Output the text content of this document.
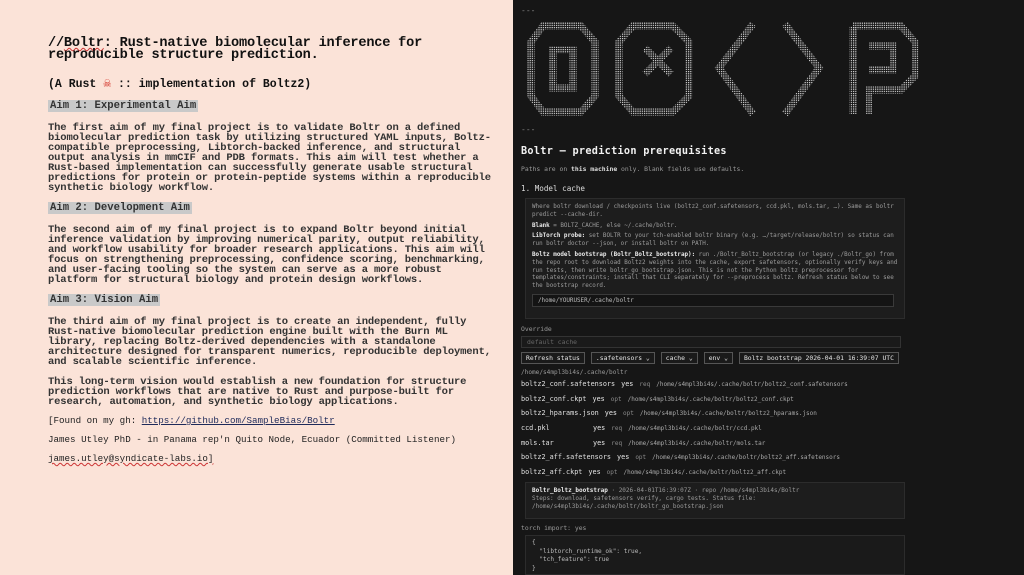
//Boltr: Rust-native biomolecular inference for reproducible structure prediction.
(A Rust ☠ :: implementation of Boltz2)
Aim 1: Experimental Aim
The first aim of my final project is to validate Boltr on a defined biomolecular prediction task by utilizing structured YAML inputs, Boltz-compatible preprocessing, Libtorch-backed inference, and structural output analysis in mmCIF and PDB formats. This aim will test whether a Rust-based implementation can successfully generate usable structural predictions for protein or protein-peptide systems within a reproducible synthetic biology workflow.
Aim 2: Development Aim
The second aim of my final project is to expand Boltr beyond initial inference validation by improving numerical parity, output reliability, and workflow usability for broader research applications. This aim will focus on strengthening preprocessing, confidence scoring, benchmarking, and user-facing tooling so the system can serve as a more robust platform for structural biology and protein design workflows.
Aim 3: Vision Aim
The third aim of my final project is to create an independent, fully Rust-native biomolecular prediction engine built with the Burn ML library, replacing Boltz-derived dependencies with a standalone architecture designed for transparent numerics, reproducible deployment, and scalable scientific inference.
This long-term vision would establish a new foundation for structure prediction workflows that are native to Rust and purpose-built for research, automation, and synthetic biology applications.
[Found on my gh: https://github.com/SampleBias/Boltr
James Utley PhD - in Panama rep'n Quito Node, Ecuador (Committed Listener)
james.utley@syndicate-labs.io]
---
---
Boltr — prediction prerequisites
Paths are on this machine only. Blank fields use defaults.
1. Model cache
Where boltr download / checkpoints live (boltz2_conf.safetensors, ccd.pkl, mols.tar, …). Same as boltr predict --cache-dir.
Blank = BOLTZ_CACHE, else ~/.cache/boltr.
LibTorch probe: set BOLTR to your tch-enabled boltr binary (e.g. …/target/release/boltr) so status can run boltr doctor --json, or install boltr on PATH.
Boltz model bootstrap (Boltr_Boltz_bootstrap): run ./Boltr_Boltz_bootstrap (or legacy ./Boltr_go) from the repo root to download Boltz2 weights into the cache, export safetensors, optionally verify keys and run tests, then write boltr_go_bootstrap.json. This is not the Python boltz preprocessor for templates/constraints; install that CLI separately for --preprocess boltz. Refresh status below to see the bootstrap record.
/home/YOURUSER/.cache/boltr
Override
default cache
Refresh status	.safetensors ⌄	cache ⌄	env ⌄	Boltz bootstrap 2026-04-01 16:39:07 UTC
/home/s4mpl3bi4s/.cache/boltr
boltz2_conf.safetensors yes req /home/s4mpl3bi4s/.cache/boltr/boltz2_conf.safetensors
boltz2_conf.ckpt yes opt /home/s4mpl3bi4s/.cache/boltr/boltz2_conf.ckpt
boltz2_hparams.json yes opt /home/s4mpl3bi4s/.cache/boltr/boltz2_hparams.json
ccd.pkl	yes req /home/s4mpl3bi4s/.cache/boltr/ccd.pkl
mols.tar	yes req /home/s4mpl3bi4s/.cache/boltr/mols.tar
boltz2_aff.safetensors yes opt /home/s4mpl3bi4s/.cache/boltr/boltz2_aff.safetensors
boltz2_aff.ckpt yes opt /home/s4mpl3bi4s/.cache/boltr/boltz2_aff.ckpt
Boltr_Boltz_bootstrap · 2026-04-01T16:39:07Z · repo /home/s4mpl3bi4s/Boltr
Steps: download, safetensors verify, cargo tests. Status file: /home/s4mpl3bi4s/.cache/boltr/boltr_go_bootstrap.json
torch import: yes
{
"libtorch_runtime_ok": true,
"tch_feature": true
}
